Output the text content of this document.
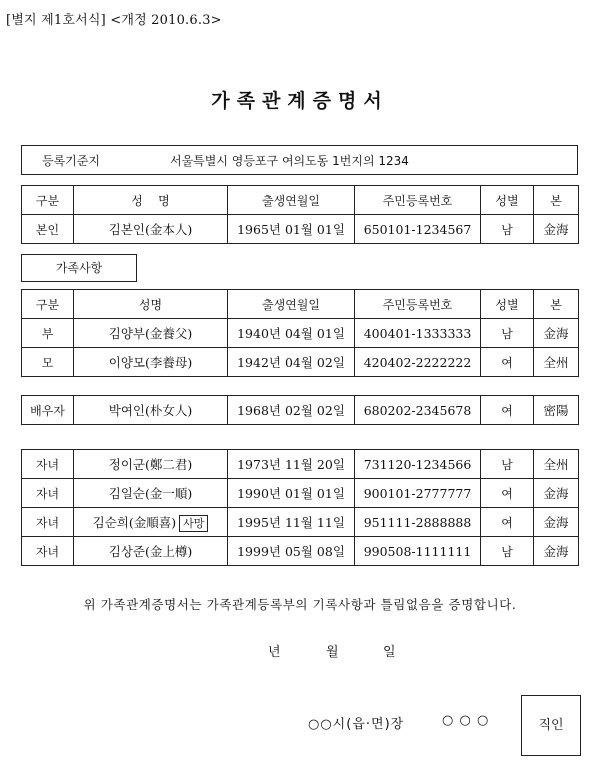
[별지 제1호서식] <개정 2010.6.3>
가족관계증명서
등록기준지	서울특별시 영등포구 여의도동 1번지의 1234
구분	성    명	출생연월일	주민등록번호	성별	본
본인	김본인(金本人)	1965년 01월 01일	650101-1234567	남	金海
가족사항
구분	성명	출생연월일	주민등록번호	성별	본
부	김양부(金養父)	1940년 04월 01일	400401-1333333	남	金海
모	이양모(李養母)	1942년 04월 02일	420402-2222222	여	全州
배우자	박여인(朴女人)	1968년 02월 02일	680202-2345678	여	密陽
자녀	정이군(鄭二君)	1973년 11월 20일	731120-1234566	남	全州
자녀	김일순(金一順)	1990년 01월 01일	900101-2777777	여	金海
자녀	김순희(金順喜) 사망	1995년 11월 11일	951111-2888888	여	金海
자녀	김상준(金上樽)	1999년 05월 08일	990508-1111111	남	金海
위 가족관계증명서는 가족관계등록부의 기록사항과 틀림없음을 증명합니다.
년	월	일
○○시(읍·면)장	○ ○ ○	직인
